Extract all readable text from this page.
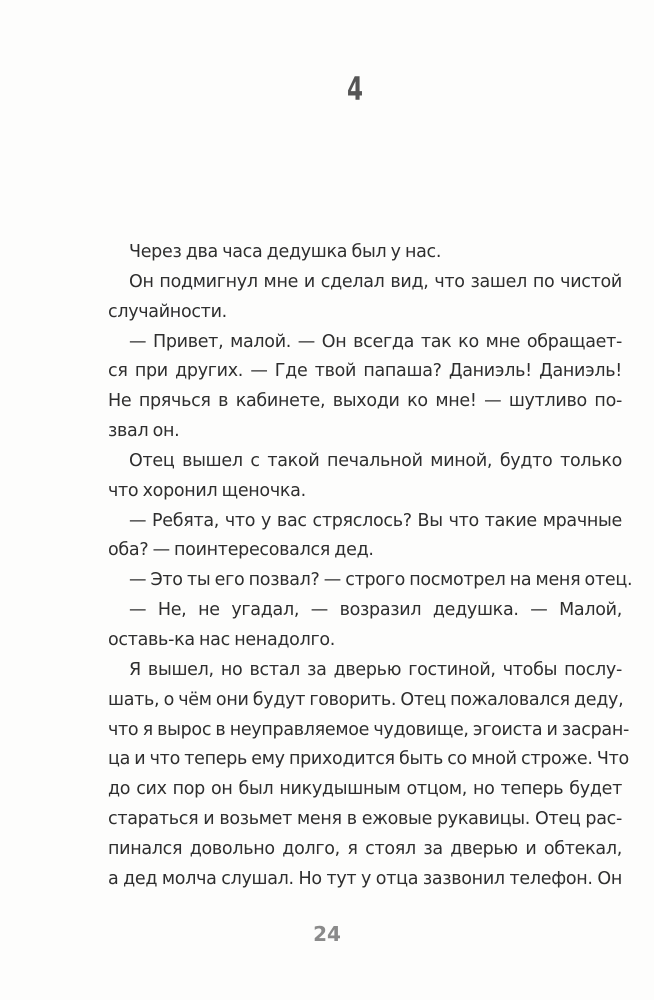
4
Через два часа дедушка был у нас.
Он подмигнул мне и сделал вид, что зашел по чистой
случайности.
— Привет, малой. — Он всегда так ко мне обращает-
ся при других. — Где твой папаша? Даниэль! Даниэль!
Не прячься в кабинете, выходи ко мне! — шутливо по-
звал он.
Отец вышел с такой печальной миной, будто только
что хоронил щеночка.
— Ребята, что у вас стряслось? Вы что такие мрачные
оба? — поинтересовался дед.
— Это ты его позвал? — строго посмотрел на меня отец.
— Не, не угадал, — возразил дедушка. — Малой,
оставь-ка нас ненадолго.
Я вышел, но встал за дверью гостиной, чтобы послу-
шать, о чём они будут говорить. Отец пожаловался деду,
что я вырос в неуправляемое чудовище, эгоиста и засран-
ца и что теперь ему приходится быть со мной строже. Что
до сих пор он был никудышным отцом, но теперь будет
стараться и возьмет меня в ежовые рукавицы. Отец рас-
пинался довольно долго, я стоял за дверью и обтекал,
а дед молча слушал. Но тут у отца зазвонил телефон. Он
24
